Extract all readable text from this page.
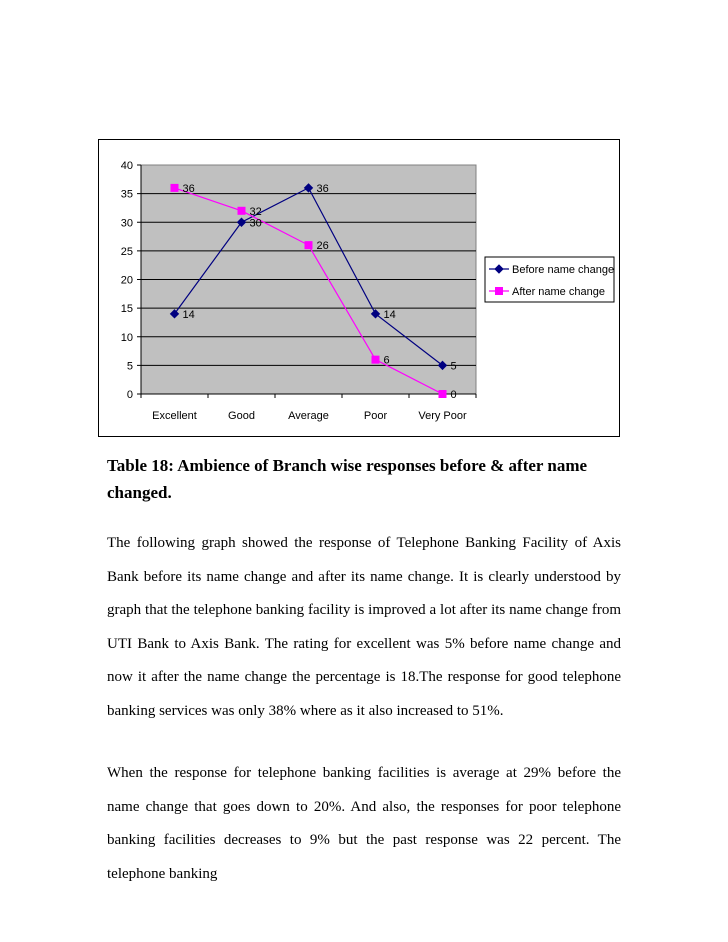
0
5
10
15
20
25
30
35
40
Excellent	Good	Average	Poor	Very Poor
14
30
36
14
5
36
32
26
6
0
Before name change
After name change
Table 18: Ambience of Branch wise responses before & after name changed.
The following graph showed the response of Telephone Banking Facility of Axis Bank before its name change and after its name change. It is clearly understood by graph that the telephone banking facility is improved a lot after its name change from UTI Bank to Axis Bank. The rating for excellent was 5% before name change and now it after the name change the percentage is 18.The response for good telephone banking services was only 38% where as it also increased to 51%.
When the response for telephone banking facilities is average at 29% before the name change that goes down to 20%. And also, the responses for poor telephone banking facilities decreases to 9% but the past response was 22 percent. The telephone banking
